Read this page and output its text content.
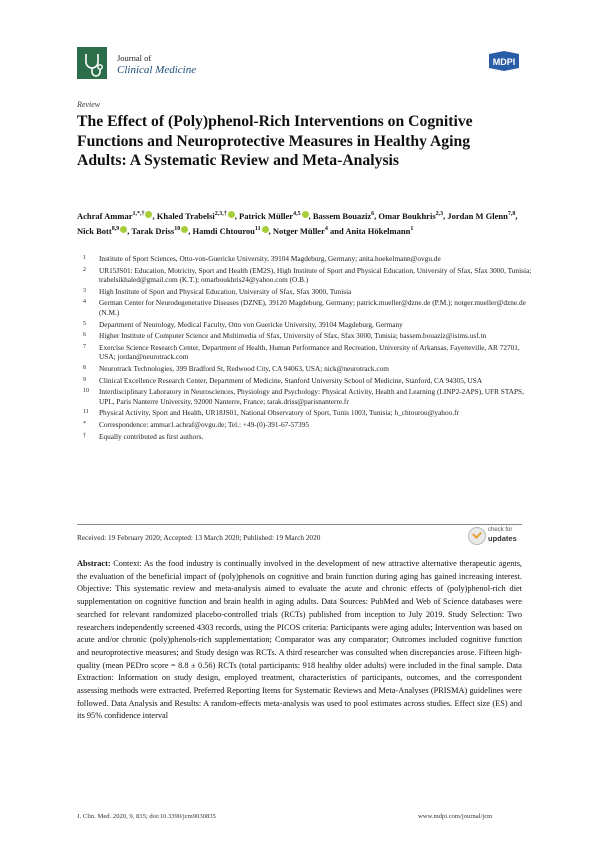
Journal of
Clinical Medicine
MDPI
Review
The Effect of (Poly)phenol-Rich Interventions on Cognitive Functions and Neuroprotective Measures in Healthy Aging Adults: A Systematic Review and Meta-Analysis
Achraf Ammar$^{1,*,\dagger}$ , Khaled Trabelsi$^{2,3,\dagger}$ , Patrick Müller$^{4,5}$ , Bassem Bouaziz$^6$, Omar Boukhris$^{2,3}$, Jordan M Glenn$^{7,8}$, Nick Bott$^{8,9}$ , Tarak Driss$^{10}$ , Hamdi Chtourou$^{11}$ , Notger Müller$^4$ and Anita Hökelmann$^1$
1 Institute of Sport Sciences, Otto-von-Guericke University, 39104 Magdeburg, Germany; anita.hoekelmann@ovgu.de
2 UR15JS01: Education, Motricity, Sport and Health (EM2S), High Institute of Sport and Physical Education, University of Sfax, Sfax 3000, Tunisia; trabelsikhaled@gmail.com (K.T.); omarboukhris24@yahoo.com (O.B.)
3 High Institute of Sport and Physical Education, University of Sfax, Sfax 3000, Tunisia
4 German Center for Neurodegenerative Diseases (DZNE), 39120 Magdeburg, Germany; patrick.mueller@dzne.de (P.M.); notger.mueller@dzne.de (N.M.)
5 Department of Neurology, Medical Faculty, Otto von Guericke University, 39104 Magdeburg, Germany
6 Higher Institute of Computer Science and Multimedia of Sfax, University of Sfax, Sfax 3000, Tunisia; bassem.bouaziz@isims.usf.tn
7 Exercise Science Research Center, Department of Health, Human Performance and Recreation, University of Arkansas, Fayetteville, AR 72701, USA; jordan@neurotrack.com
8 Neurotrack Technologies, 399 Bradford St, Redwood City, CA 94063, USA; nick@neurotrack.com
9 Clinical Excellence Research Center, Department of Medicine, Stanford University School of Medicine, Stanford, CA 94305, USA
10 Interdisciplinary Laboratory in Neurosciences, Physiology and Psychology: Physical Activity, Health and Learning (LINP2-2APS), UFR STAPS, UPL, Paris Nanterre University, 92000 Nanterre, France; tarak.driss@parisnanterre.fr
11 Physical Activity, Sport and Health, UR18JS01, National Observatory of Sport, Tunis 1003, Tunisia; h_chtourou@yahoo.fr
* Correspondence: ammar1.achraf@ovgu.de; Tel.: +49-(0)-391-67-57395
† Equally contributed as first authors.
Received: 19 February 2020; Accepted: 13 March 2020; Published: 19 March 2020
check for
updates
Abstract: Context: As the food industry is continually involved in the development of new attractive alternative therapeutic agents, the evaluation of the beneficial impact of (poly)phenols on cognitive and brain function during aging has gained increasing interest. Objective: This systematic review and meta-analysis aimed to evaluate the acute and chronic effects of (poly)phenol-rich diet supplementation on cognitive function and brain health in aging adults. Data Sources: PubMed and Web of Science databases were searched for relevant randomized placebo-controlled trials (RCTs) published from inception to July 2019. Study Selection: Two researchers independently screened 4303 records, using the PICOS criteria: Participants were aging adults; Intervention was based on acute and/or chronic (poly)phenols-rich supplementation; Comparator was any comparator; Outcomes included cognitive function and neuroprotective measures; and Study design was RCTs. A third researcher was consulted when discrepancies arose. Fifteen high-quality (mean PEDro score = 8.8 ± 0.56) RCTs (total participants: 918 healthy older adults) were included in the final sample. Data Extraction: Information on study design, employed treatment, characteristics of participants, outcomes, and the correspondent assessing methods were extracted. Preferred Reporting Items for Systematic Reviews and Meta-Analyses (PRISMA) guidelines were followed. Data Analysis and Results: A random-effects meta-analysis was used to pool estimates across studies. Effect size (ES) and its 95% confidence interval
J. Clin. Med. 2020, 9, 835; doi:10.3390/jcm9030835	www.mdpi.com/journal/jcm
